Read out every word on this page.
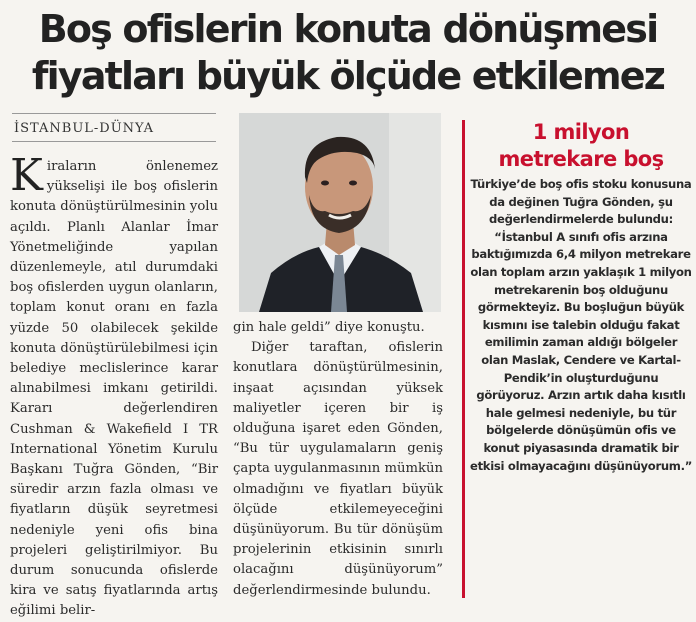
Boş ofislerin konuta dönüşmesi
fiyatları büyük ölçüde etkilemez
İSTANBUL-DÜNYA

Kiraların önlenemez yükselişi ile boş ofislerin konuta dönüştürülmesinin yolu açıldı. Planlı Alanlar İmar Yönetmeliğinde yapılan düzenlemeyle, atıl durumdaki boş ofislerden uygun olanların, toplam konut oranı en fazla yüzde 50 olabilecek şekilde konuta dönüştürülebilmesi için belediye meclislerince karar alınabilmesi imkanı getirildi. Kararı değerlendiren Cushman & Wakefield I TR International Yönetim Kurulu Başkanı Tuğra Gönden, “Bir süredir arzın fazla olması ve fiyatların düşük seyretmesi nedeniyle yeni ofis bina projeleri geliştirilmiyor. Bu durum sonucunda ofislerde kira ve satış fiyatlarında artış eğilimi belir-

gin hale geldi” diye konuştu.

Diğer taraftan, ofislerin konutlara dönüştürülmesinin, inşaat açısından yüksek maliyetler içeren bir iş olduğuna işaret eden Gönden, “Bu tür uygulamaların geniş çapta uygulanmasının mümkün olmadığını ve fiyatları büyük ölçüde etkilemeyeceğini düşünüyorum. Bu tür dönüşüm projelerinin etkisinin sınırlı olacağını düşünüyorum” değerlendirmesinde bulundu.

1 milyon
metrekare boş
Türkiye’de boş ofis stoku konusuna da değinen Tuğra Gönden, şu değerlendirmelerde bulundu: “İstanbul A sınıfı ofis arzına baktığımızda 6,4 milyon metrekare olan toplam arzın yaklaşık 1 milyon metrekarenin boş olduğunu görmekteyiz. Bu boşluğun büyük kısmını ise talebin olduğu fakat emilimin zaman aldığı bölgeler olan Maslak, Cendere ve Kartal-Pendik’in oluşturduğunu görüyoruz. Arzın artık daha kısıtlı hale gelmesi nedeniyle, bu tür bölgelerde dönüşümün ofis ve konut piyasasında dramatik bir etkisi olmayacağını düşünüyorum.”
